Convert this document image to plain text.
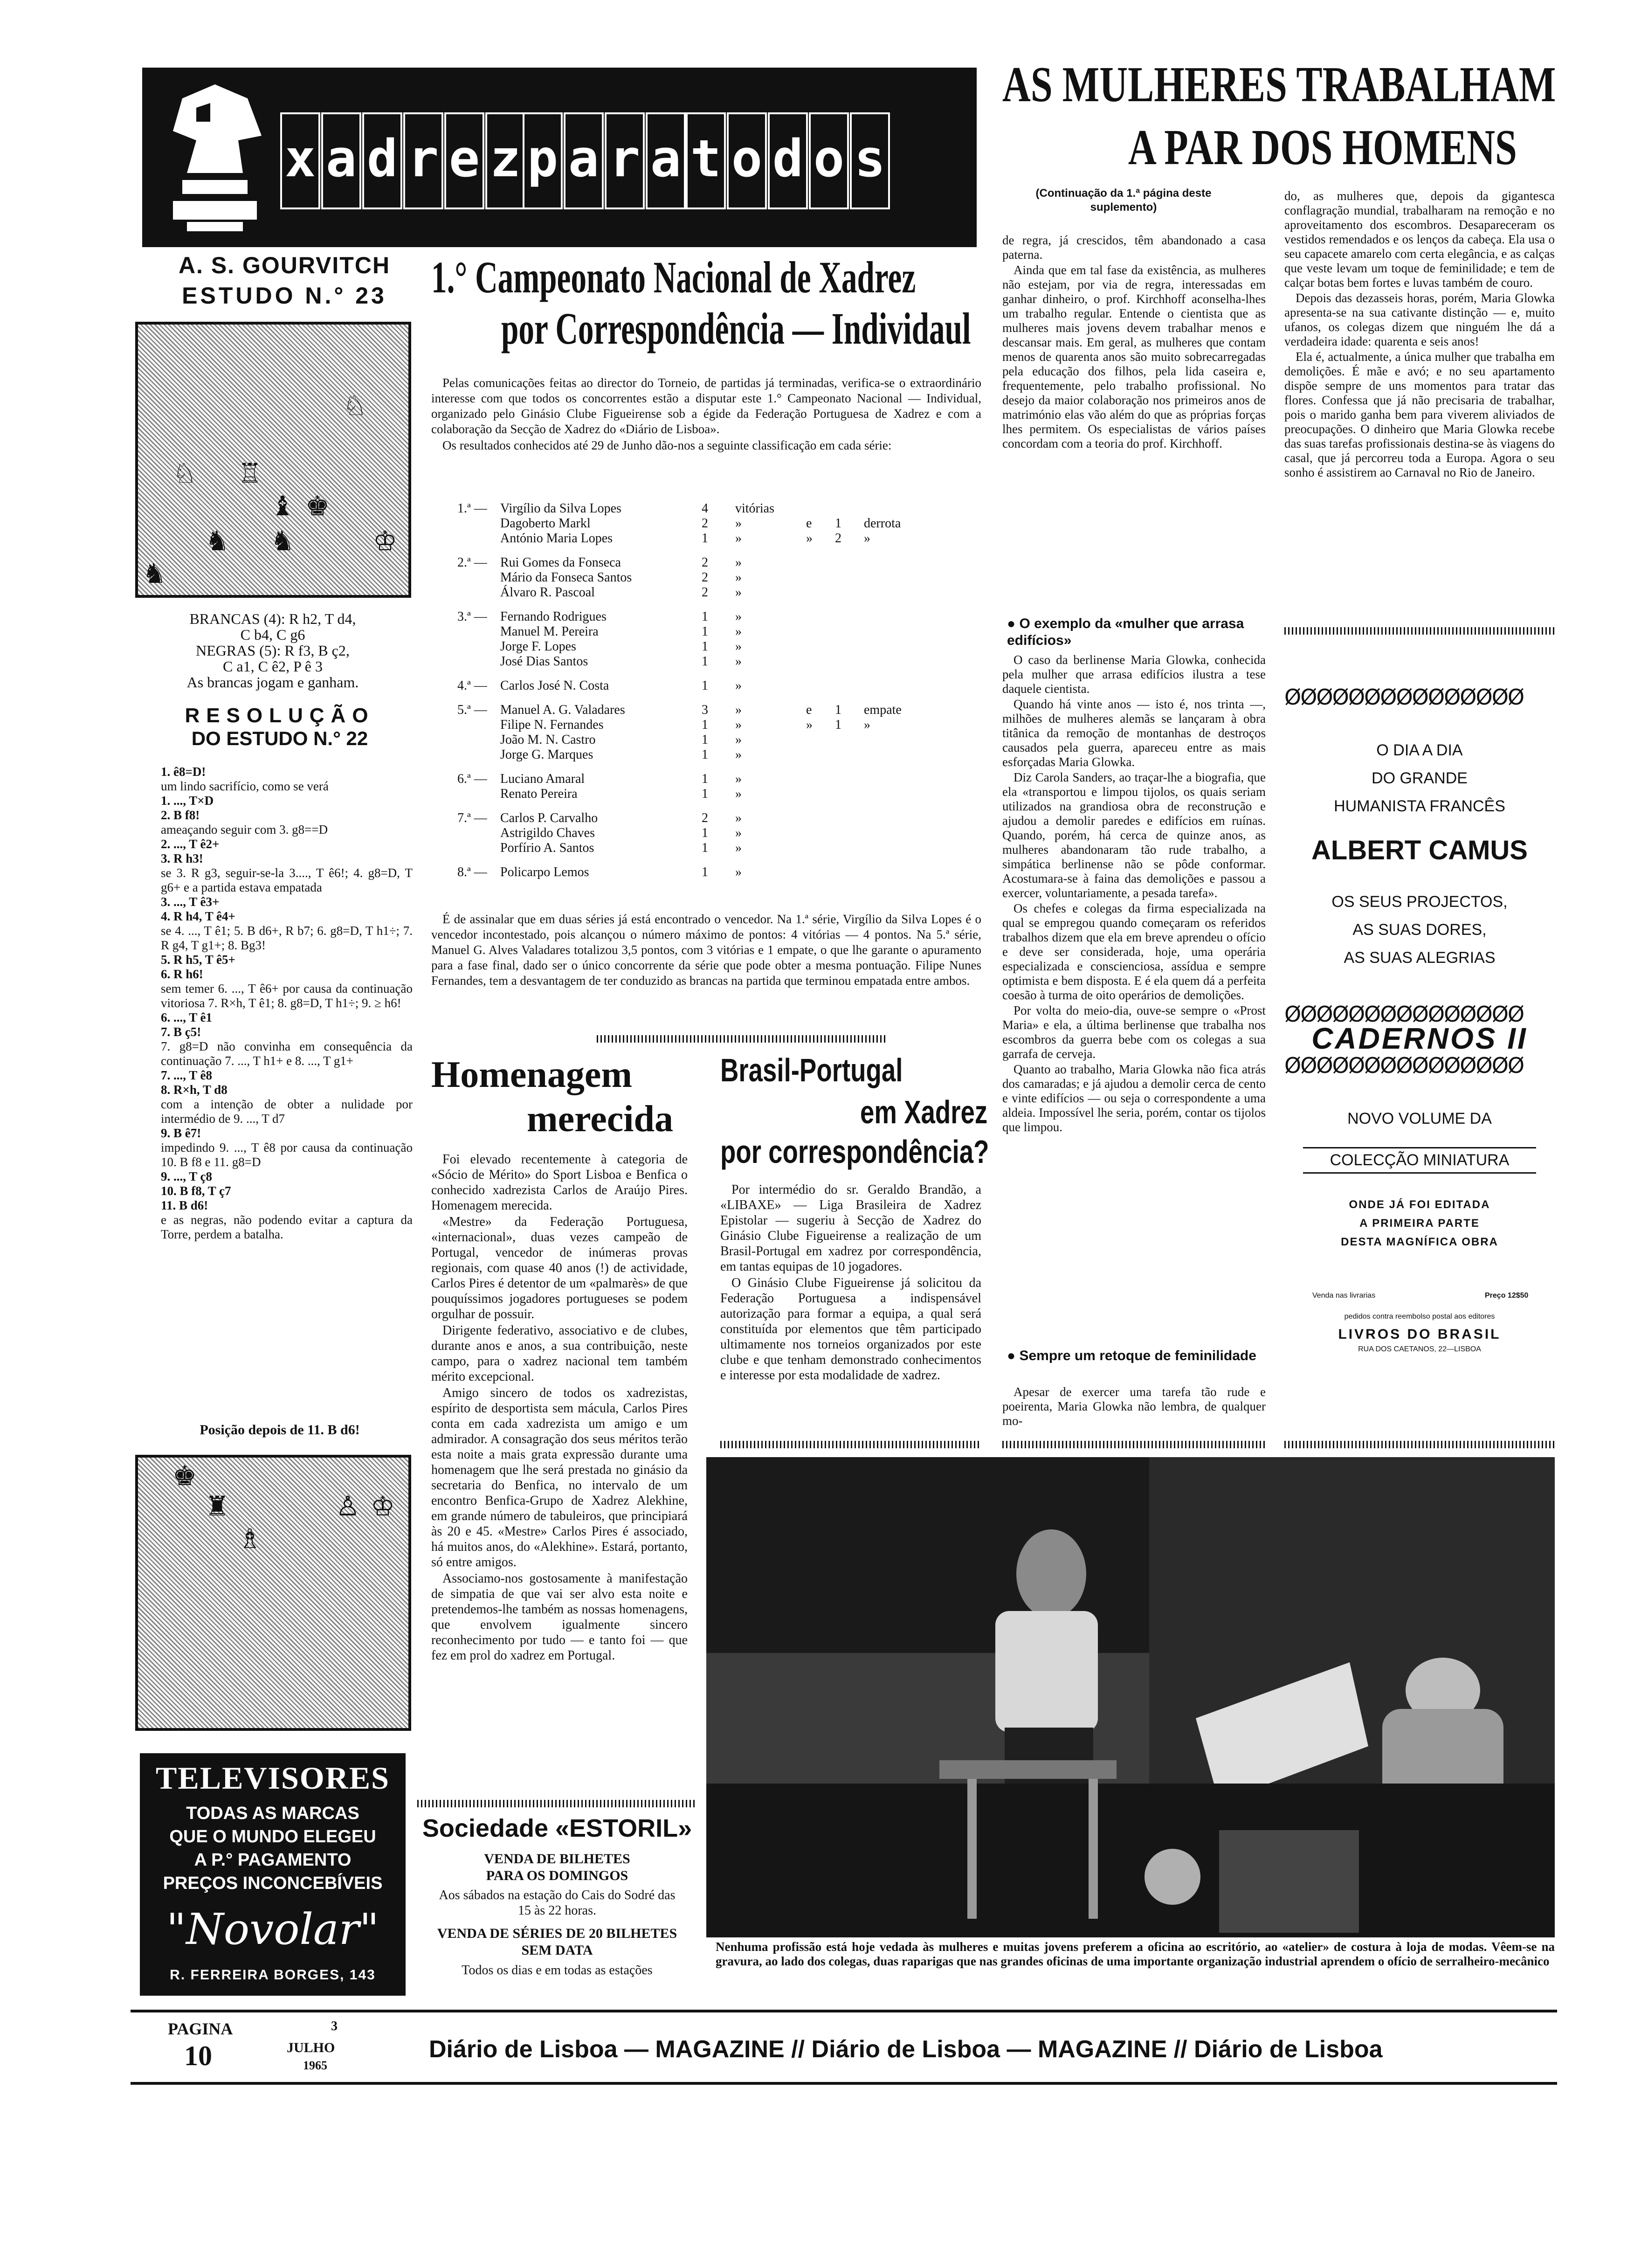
x a d r e z p a r a t o d o s
A. S. GOURVITCH
ESTUDO N.° 23
♘
♘ ♖
♝ ♚
♞ ♞	♔
♞
BRANCAS (4): R h2, T d4,
C b4, C g6
NEGRAS (5): R f3, B ç2,
C a1, C ê2, P ê 3
As brancas jogam e ganham.
RESOLUÇÃO
DO ESTUDO N.° 22
1. ê8=D!
um lindo sacrifício, como se verá
1. ..., T×D
2. B f8!
ameaçando seguir com 3. g8==D
2. ..., T ê2+
3. R h3!
se 3. R g3, seguir-se-la 3...., T ê6!; 4. g8=D, T g6+ e a partida estava empatada
3. ..., T ê3+
4. R h4, T ê4+
se 4. ..., T ê1; 5. B d6+, R b7; 6. g8=D, T h1÷; 7. R g4, T g1+; 8. Bg3!
5. R h5, T ê5+
6. R h6!
sem temer 6. ..., T ê6+ por causa da continuação vitoriosa 7. R×h, T ê1; 8. g8=D, T h1÷; 9. ≥ h6!
6. ..., T ê1
7. B ç5!
7. g8=D não convinha em consequência da continuação 7. ..., T h1+ e 8. ..., T g1+
7. ..., T ê8
8. R×h, T d8
com a intenção de obter a nulidade por intermédio de 9. ..., T d7
9. B ê7!
impedindo 9. ..., T ê8 por causa da continuação 10. B f8 e 11. g8=D
9. ..., T ç8
10. B f8, T ç7
11. B d6!
e as negras, não podendo evitar a captura da Torre, perdem a batalha.
Posição depois de 11. B d6!
♚
♜	♙ ♔
♗
TELEVISORES
TODAS AS MARCAS
QUE O MUNDO ELEGEU
A P.° PAGAMENTO
PREÇOS INCONCEBÍVEIS
"Novolar"
R. FERREIRA BORGES, 143
1.° Campeonato Nacional de Xadrez
por Correspondência — Individaul

Pelas comunicações feitas ao director do Torneio, de partidas já terminadas, verifica-se o extraordinário interesse com que todos os concorrentes estão a disputar este 1.° Campeonato Nacional — Individual, organizado pelo Ginásio Clube Figueirense sob a égide da Federação Portuguesa de Xadrez e com a colaboração da Secção de Xadrez do «Diário de Lisboa».

Os resultados conhecidos até 29 de Junho dão-nos a seguinte classificação em cada série:

1.ª —	Virgílio da Silva Lopes	4	vitórias			
	Dagoberto Markl	2	»	e	1	derrota
	António Maria Lopes	1	»	»	2	»
2.ª —	Rui Gomes da Fonseca	2	»			
	Mário da Fonseca Santos	2	»			
	Álvaro R. Pascoal	2	»			
3.ª —	Fernando Rodrigues	1	»			
	Manuel M. Pereira	1	»			
	Jorge F. Lopes	1	»			
	José Dias Santos	1	»			
4.ª —	Carlos José N. Costa	1	»			
5.ª —	Manuel A. G. Valadares	3	»	e	1	empate
	Filipe N. Fernandes	1	»	»	1	»
	João M. N. Castro	1	»			
	Jorge G. Marques	1	»			
6.ª —	Luciano Amaral	1	»			
	Renato Pereira	1	»			
7.ª —	Carlos P. Carvalho	2	»			
	Astrigildo Chaves	1	»			
	Porfírio A. Santos	1	»			
8.ª —	Policarpo Lemos	1	»			
É de assinalar que em duas séries já está encontrado o vencedor. Na 1.ª série, Virgílio da Silva Lopes é o vencedor incontestado, pois alcançou o número máximo de pontos: 4 vitórias — 4 pontos. Na 5.ª série, Manuel G. Alves Valadares totalizou 3,5 pontos, com 3 vitórias e 1 empate, o que lhe garante o apuramento para a fase final, dado ser o único concorrente da série que pode obter a mesma pontuação. Filipe Nunes Fernandes, tem a desvantagem de ter conduzido as brancas na partida que terminou empatada entre ambos.
Homenagem
merecida

Foi elevado recentemente à categoria de «Sócio de Mérito» do Sport Lisboa e Benfica o conhecido xadrezista Carlos de Araújo Pires. Homenagem merecida.

«Mestre» da Federação Portuguesa, «internacional», duas vezes campeão de Portugal, vencedor de inúmeras provas regionais, com quase 40 anos (!) de actividade, Carlos Pires é detentor de um «palmarès» de que pouquíssimos jogadores portugueses se podem orgulhar de possuir.

Dirigente federativo, associativo e de clubes, durante anos e anos, a sua contribuição, neste campo, para o xadrez nacional tem também mérito excepcional.

Amigo sincero de todos os xadrezistas, espírito de desportista sem mácula, Carlos Pires conta em cada xadrezista um amigo e um admirador. A consagração dos seus méritos terão esta noite a mais grata expressão durante uma homenagem que lhe será prestada no ginásio da secretaria do Benfica, no intervalo de um encontro Benfica-Grupo de Xadrez Alekhine, em grande número de tabuleiros, que principiará às 20 e 45. «Mestre» Carlos Pires é associado, há muitos anos, do «Alekhine». Estará, portanto, só entre amigos.

Associamo-nos gostosamente à manifestação de simpatia de que vai ser alvo esta noite e pretendemos-lhe também as nossas homenagens, que envolvem igualmente sincero reconhecimento por tudo — e tanto foi — que fez em prol do xadrez em Portugal.

Sociedade «ESTORIL»
VENDA DE BILHETES
PARA OS DOMINGOS
Aos sábados na estação do Cais do Sodré das 15 às 22 horas.
VENDA DE SÉRIES DE 20 BILHETES
SEM DATA
Todos os dias e em todas as estações
Brasil-Portugal
em Xadrez
por correspondência?

Por intermédio do sr. Geraldo Brandão, a «LIBAXE» — Liga Brasileira de Xadrez Epistolar — sugeriu à Secção de Xadrez do Ginásio Clube Figueirense a realização de um Brasil-Portugal em xadrez por correspondência, em tantas equipas de 10 jogadores.

O Ginásio Clube Figueirense já solicitou da Federação Portuguesa a indispensável autorização para formar a equipa, a qual será constituída por elementos que têm participado ultimamente nos torneios organizados por este clube e que tenham demonstrado conhecimentos e interesse por esta modalidade de xadrez.

AS MULHERES TRABALHAM
A PAR DOS HOMENS
(Continuação da 1.ª página deste suplemento)

de regra, já crescidos, têm abandonado a casa paterna.

Ainda que em tal fase da existência, as mulheres não estejam, por via de regra, interessadas em ganhar dinheiro, o prof. Kirchhoff aconselha-lhes um trabalho regular. Entende o cientista que as mulheres mais jovens devem trabalhar menos e descansar mais. Em geral, as mulheres que contam menos de quarenta anos são muito sobrecarregadas pela educação dos filhos, pela lida caseira e, frequentemente, pelo trabalho profissional. No desejo da maior colaboração nos primeiros anos de matrimónio elas vão além do que as próprias forças lhes permitem. Os especialistas de vários países concordam com a teoria do prof. Kirchhoff.

● O exemplo da «mulher que arrasa edifícios»

O caso da berlinense Maria Glowka, conhecida pela mulher que arrasa edifícios ilustra a tese daquele cientista.

Quando há vinte anos — isto é, nos trinta —, milhões de mulheres alemãs se lançaram à obra titânica da remoção de montanhas de destroços causados pela guerra, apareceu entre as mais esforçadas Maria Glowka.

Diz Carola Sanders, ao traçar-lhe a biografia, que ela «transportou e limpou tijolos, os quais seriam utilizados na grandiosa obra de reconstrução e ajudou a demolir paredes e edifícios em ruínas. Quando, porém, há cerca de quinze anos, as mulheres abandonaram tão rude trabalho, a simpática berlinense não se pôde conformar. Acostumara-se à faina das demolições e passou a exercer, voluntariamente, a pesada tarefa».

Os chefes e colegas da firma especializada na qual se empregou quando começaram os referidos trabalhos dizem que ela em breve aprendeu o ofício e deve ser considerada, hoje, uma operária especializada e conscienciosa, assídua e sempre optimista e bem disposta. E é ela quem dá a perfeita coesão à turma de oito operários de demolições.

Por volta do meio-dia, ouve-se sempre o «Prost Maria» e ela, a última berlinense que trabalha nos escombros da guerra bebe com os colegas a sua garrafa de cerveja.

Quanto ao trabalho, Maria Glowka não fica atrás dos camaradas; e já ajudou a demolir cerca de cento e vinte edifícios — ou seja o correspondente a uma aldeia. Impossível lhe seria, porém, contar os tijolos que limpou.

● Sempre um retoque de feminilidade
Apesar de exercer uma tarefa tão rude e poeirenta, Maria Glowka não lembra, de qualquer mo-

do, as mulheres que, depois da gigantesca conflagração mundial, trabalharam na remoção e no aproveitamento dos escombros. Desapareceram os vestidos remendados e os lenços da cabeça. Ela usa o seu capacete amarelo com certa elegância, e as calças que veste levam um toque de feminilidade; e tem de calçar botas bem fortes e luvas também de couro.

Depois das dezasseis horas, porém, Maria Glowka apresenta-se na sua cativante distinção — e, muito ufanos, os colegas dizem que ninguém lhe dá a verdadeira idade: quarenta e seis anos!

Ela é, actualmente, a única mulher que trabalha em demolições. É mãe e avó; e no seu apartamento dispõe sempre de uns momentos para tratar das flores. Confessa que já não precisaria de trabalhar, pois o marido ganha bem para viverem aliviados de preocupações. O dinheiro que Maria Glowka recebe das suas tarefas profissionais destina-se às viagens do casal, que já percorreu toda a Europa. Agora o seu sonho é assistirem ao Carnaval no Rio de Janeiro.

ØØØØØØØØØØØØØØØ
O DIA A DIA
DO GRANDE
HUMANISTA FRANCÊS
ALBERT CAMUS
OS SEUS PROJECTOS,
AS SUAS DORES,
AS SUAS ALEGRIAS
ØØØØØØØØØØØØØØØ
CADERNOS II
ØØØØØØØØØØØØØØØ
NOVO VOLUME DA
COLECÇÃO MINIATURA
ONDE JÁ FOI EDITADA
A PRIMEIRA PARTE
DESTA MAGNÍFICA OBRA
Venda nas livrarias	Preço 12$50
pedidos contra reembolso postal aos editores
LIVROS DO BRASIL
RUA DOS CAETANOS, 22—LISBOA
Nenhuma profissão está hoje vedada às mulheres e muitas jovens preferem a oficina ao escritório, ao «atelier» de costura à loja de modas. Vêem-se na gravura, ao lado dos colegas, duas raparigas que nas grandes oficinas de uma importante organização industrial aprendem o ofício de serralheiro-mecânico
PAGINA
10
3
JULHO
1965
Diário de Lisboa — MAGAZINE // Diário de Lisboa — MAGAZINE // Diário de Lisboa
